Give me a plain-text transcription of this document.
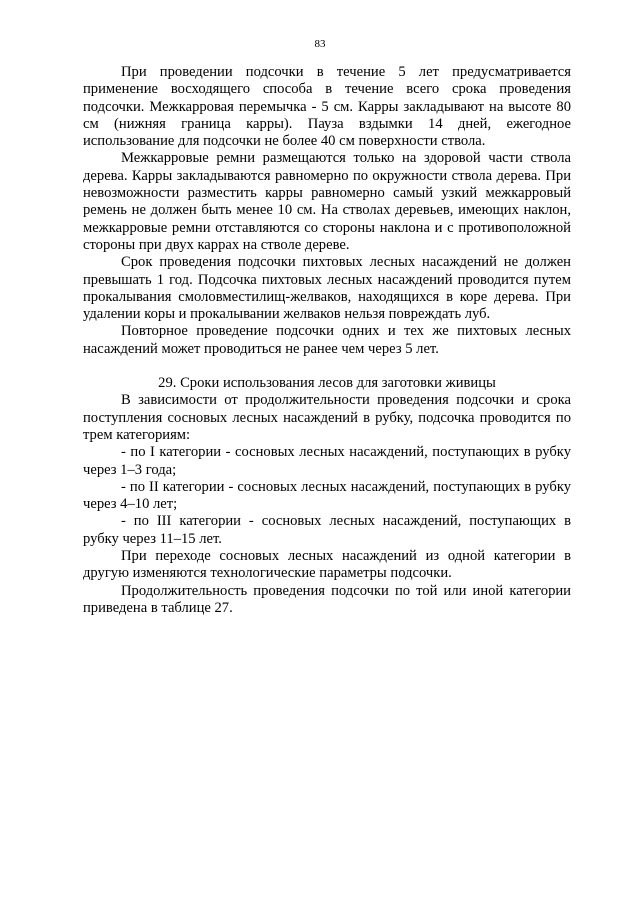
83

При проведении подсочки в течение 5 лет предусматривается применение восходящего способа в течение всего срока проведения подсочки. Межкарровая перемычка - 5 см. Карры закладывают на высоте 80 см (нижняя граница карры). Пауза вздымки 14 дней, ежегодное использование для подсочки не более 40 см поверхности ствола.

Межкарровые ремни размещаются только на здоровой части ствола дерева. Карры закладываются равномерно по окружности ствола дерева. При невозможности разместить карры равномерно самый узкий межкарровый ремень не должен быть менее 10 см. На стволах деревьев, имеющих наклон, межкарровые ремни отставляются со стороны наклона и с противоположной стороны при двух каррах на стволе дереве.

Срок проведения подсочки пихтовых лесных насаждений не должен превышать 1 год. Подсочка пихтовых лесных насаждений проводится путем прокалывания смоловместилищ-желваков, находящихся в коре дерева. При удалении коры и прокалывании желваков нельзя повреждать луб.

Повторное проведение подсочки одних и тех же пихтовых лесных насаждений может проводиться не ранее чем через 5 лет.

29. Сроки использования лесов для заготовки живицы

В зависимости от продолжительности проведения подсочки и срока поступления сосновых лесных насаждений в рубку, подсочка проводится по трем категориям:

- по I категории - сосновых лесных насаждений, поступающих в рубку через 1–3 года;

- по II категории - сосновых лесных насаждений, поступающих в рубку через 4–10 лет;

- по III категории - сосновых лесных насаждений, поступающих в рубку через 11–15 лет.

При переходе сосновых лесных насаждений из одной категории в другую изменяются технологические параметры подсочки.

Продолжительность проведения подсочки по той или иной категории приведена в таблице 27.
